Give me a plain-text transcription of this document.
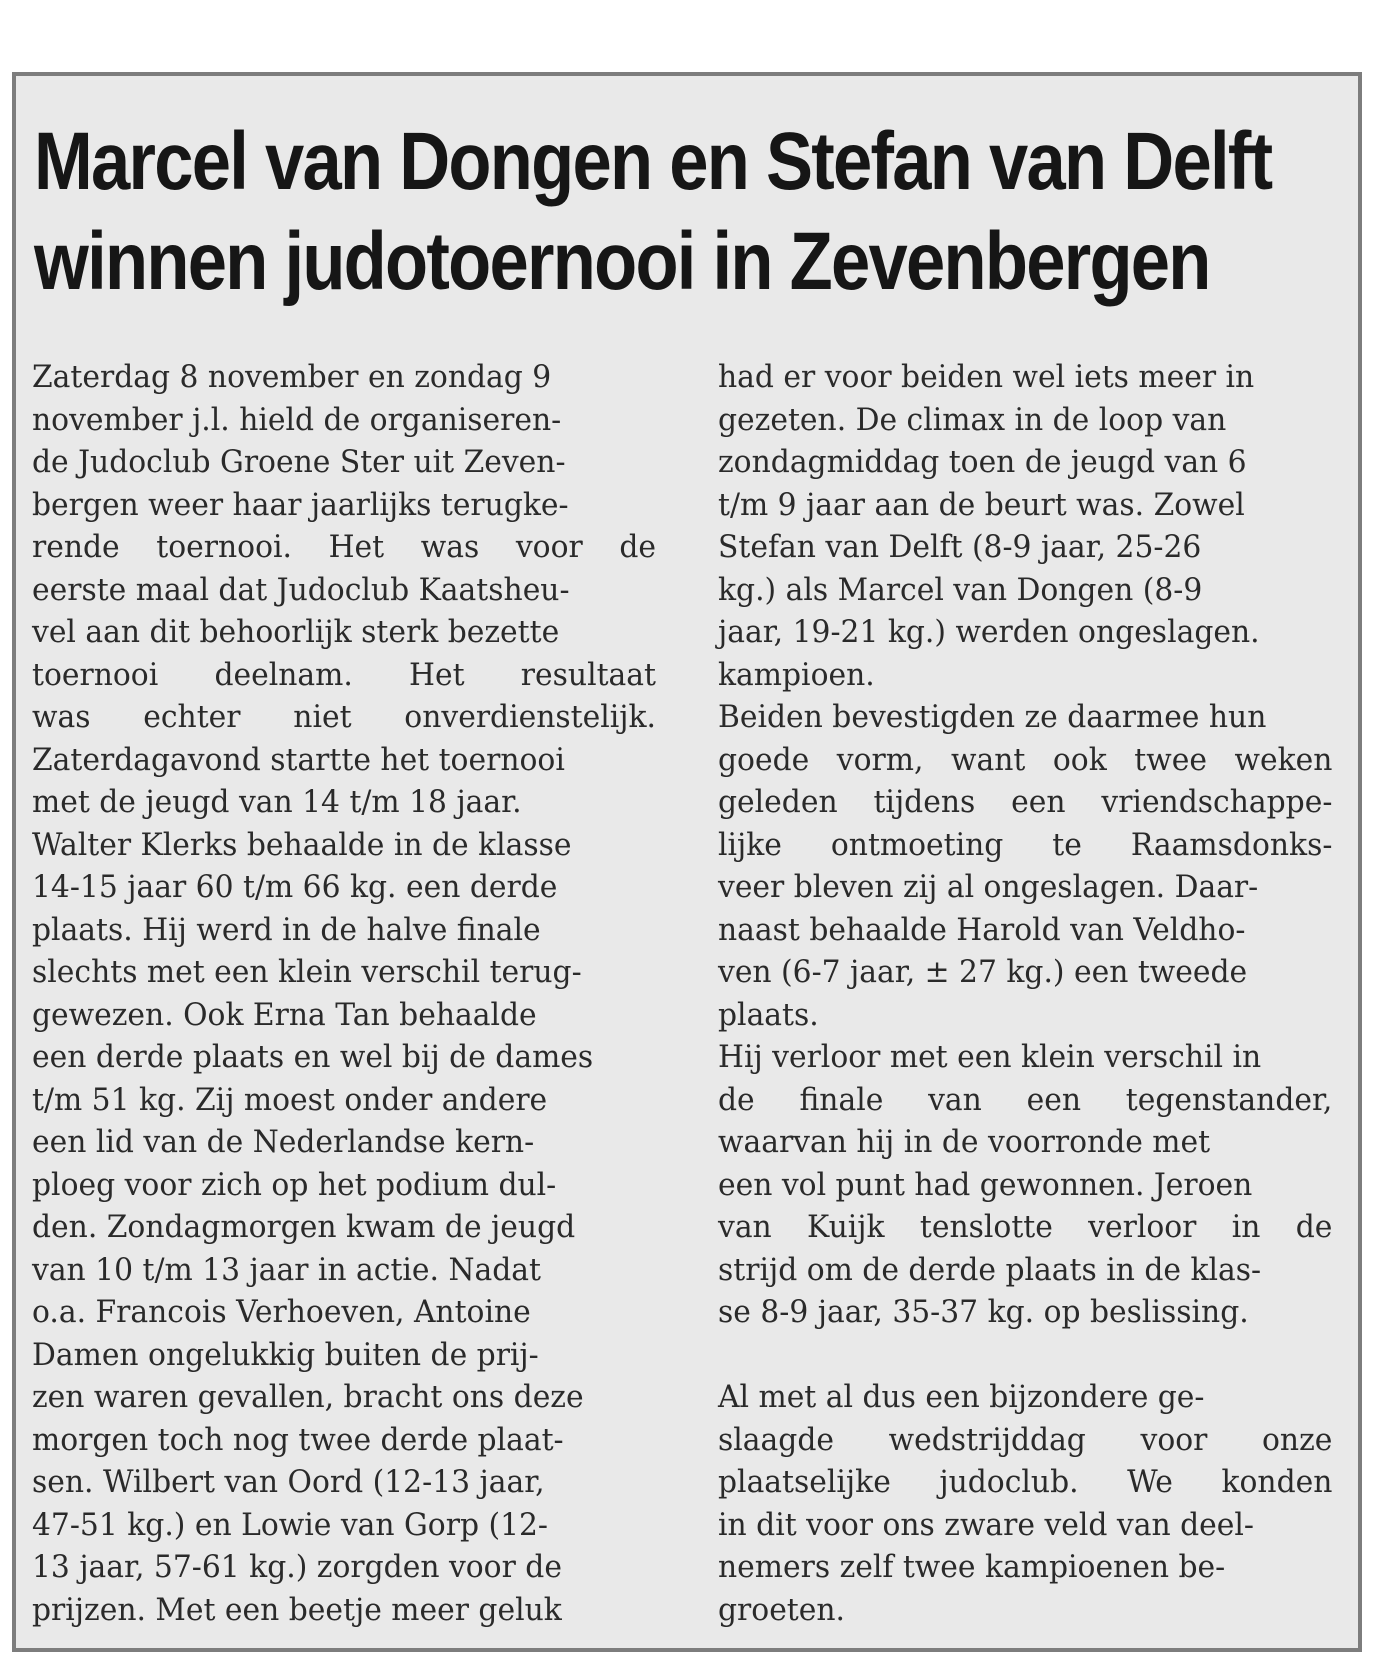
Marcel van Dongen en Stefan van Delft
winnen judotoernooi in Zevenbergen
Zaterdag 8 november en zondag 9
november j.l. hield de organiseren-
de Judoclub Groene Ster uit Zeven-
bergen weer haar jaarlijks terugke-
rende toernooi. Het was voor de
eerste maal dat Judoclub Kaatsheu-
vel aan dit behoorlijk sterk bezette
toernooi deelnam. Het resultaat
was echter niet onverdienstelijk.
Zaterdagavond startte het toernooi
met de jeugd van 14 t/m 18 jaar.
Walter Klerks behaalde in de klasse
14-15 jaar 60 t/m 66 kg. een derde
plaats. Hij werd in de halve finale
slechts met een klein verschil terug-
gewezen. Ook Erna Tan behaalde
een derde plaats en wel bij de dames
t/m 51 kg. Zij moest onder andere
een lid van de Nederlandse kern-
ploeg voor zich op het podium dul-
den. Zondagmorgen kwam de jeugd
van 10 t/m 13 jaar in actie. Nadat
o.a. Francois Verhoeven, Antoine
Damen ongelukkig buiten de prij-
zen waren gevallen, bracht ons deze
morgen toch nog twee derde plaat-
sen. Wilbert van Oord (12-13 jaar,
47-51 kg.) en Lowie van Gorp (12-
13 jaar, 57-61 kg.) zorgden voor de
prijzen. Met een beetje meer geluk
had er voor beiden wel iets meer in
gezeten. De climax in de loop van
zondagmiddag toen de jeugd van 6
t/m 9 jaar aan de beurt was. Zowel
Stefan van Delft (8-9 jaar, 25-26
kg.) als Marcel van Dongen (8-9
jaar, 19-21 kg.) werden ongeslagen.
kampioen.
Beiden bevestigden ze daarmee hun
goede vorm, want ook twee weken
geleden tijdens een vriendschappe-
lijke ontmoeting te Raamsdonks-
veer bleven zij al ongeslagen. Daar-
naast behaalde Harold van Veldho-
ven (6-7 jaar, ± 27 kg.) een tweede
plaats.
Hij verloor met een klein verschil in
de finale van een tegenstander,
waarvan hij in de voorronde met
een vol punt had gewonnen. Jeroen
van Kuijk tenslotte verloor in de
strijd om de derde plaats in de klas-
se 8-9 jaar, 35-37 kg. op beslissing.
Al met al dus een bijzondere ge-
slaagde wedstrijddag voor onze
plaatselijke judoclub. We konden
in dit voor ons zware veld van deel-
nemers zelf twee kampioenen be-
groeten.
